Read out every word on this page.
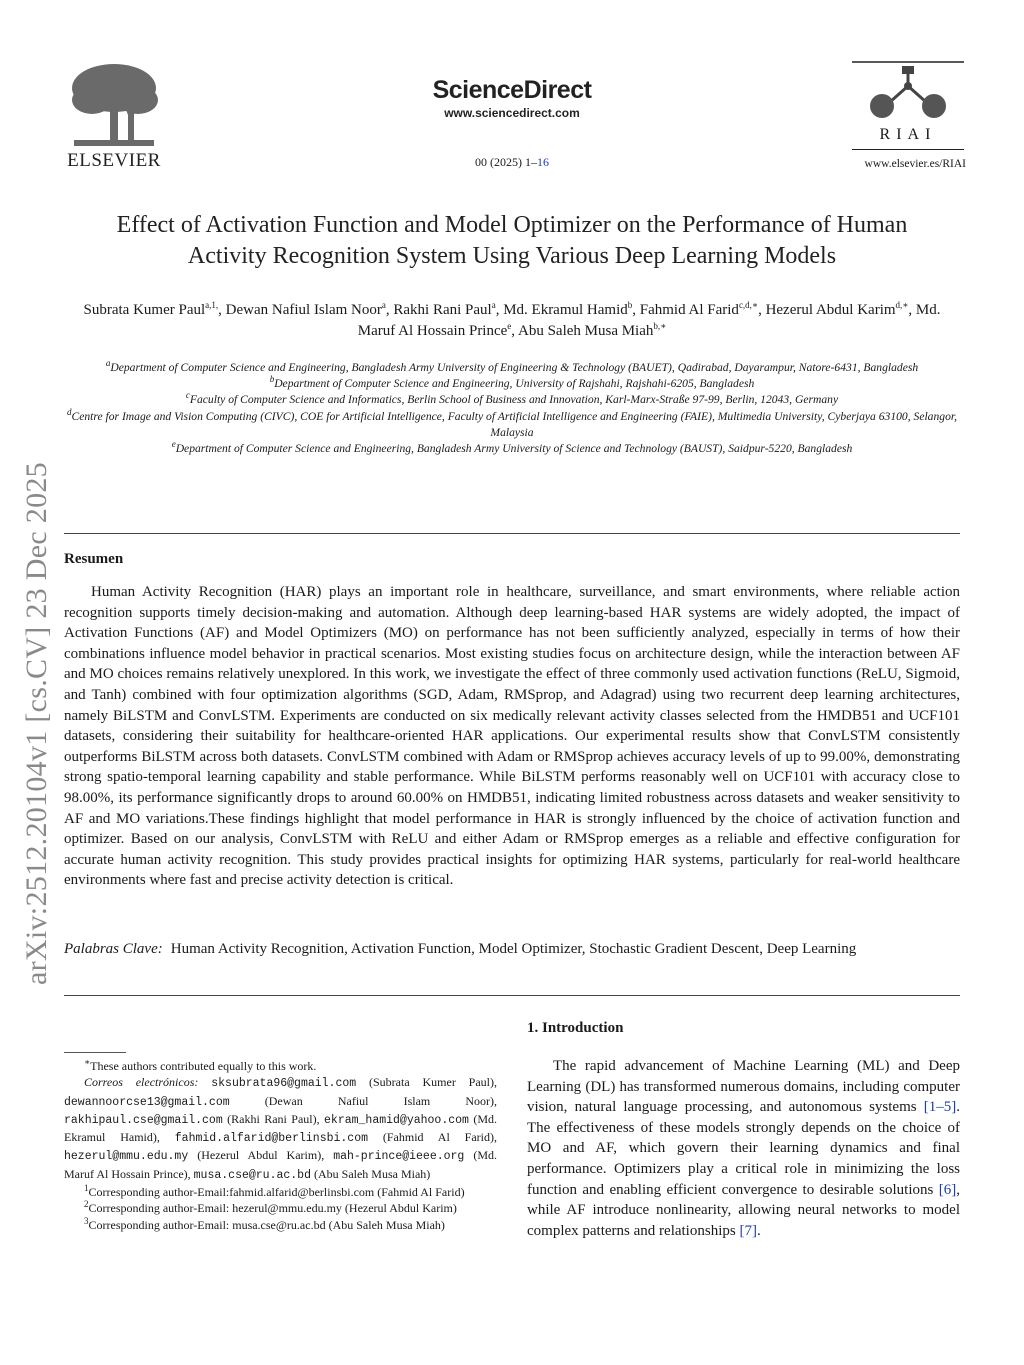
ELSEVIER
ScienceDirect
www.sciencedirect.com
00 (2025) 1–16
RIAI
www.elsevier.es/RIAI
arXiv:2512.20104v1 [cs.CV] 23 Dec 2025
Effect of Activation Function and Model Optimizer on the Performance of Human Activity Recognition System Using Various Deep Learning Models
Subrata Kumer Paul$^{a,1,}$, Dewan Nafiul Islam Noor$^a$, Rakhi Rani Paul$^a$, Md. Ekramul Hamid$^b$, Fahmid Al Farid$^{c,d,∗}$, Hezerul Abdul Karim$^{d,∗}$, Md. Maruf Al Hossain Prince$^e$, Abu Saleh Musa Miah$^{b,∗}$
$^a$Department of Computer Science and Engineering, Bangladesh Army University of Engineering & Technology (BAUET), Qadirabad, Dayarampur, Natore-6431, Bangladesh
$^b$Department of Computer Science and Engineering, University of Rajshahi, Rajshahi-6205, Bangladesh
$^c$Faculty of Computer Science and Informatics, Berlin School of Business and Innovation, Karl-Marx-Straße 97-99, Berlin, 12043, Germany
$^d$Centre for Image and Vision Computing (CIVC), COE for Artificial Intelligence, Faculty of Artificial Intelligence and Engineering (FAIE), Multimedia University, Cyberjaya 63100, Selangor, Malaysia
$^e$Department of Computer Science and Engineering, Bangladesh Army University of Science and Technology (BAUST), Saidpur-5220, Bangladesh
Resumen
Human Activity Recognition (HAR) plays an important role in healthcare, surveillance, and smart environments, where reliable action recognition supports timely decision-making and automation. Although deep learning-based HAR systems are widely adopted, the impact of Activation Functions (AF) and Model Optimizers (MO) on performance has not been sufficiently analyzed, especially in terms of how their combinations influence model behavior in practical scenarios. Most existing studies focus on architecture design, while the interaction between AF and MO choices remains relatively unexplored. In this work, we investigate the effect of three commonly used activation functions (ReLU, Sigmoid, and Tanh) combined with four optimization algorithms (SGD, Adam, RMSprop, and Adagrad) using two recurrent deep learning architectures, namely BiLSTM and ConvLSTM. Experiments are conducted on six medically relevant activity classes selected from the HMDB51 and UCF101 datasets, considering their suitability for healthcare-oriented HAR applications. Our experimental results show that ConvLSTM consistently outperforms BiLSTM across both datasets. ConvLSTM combined with Adam or RMSprop achieves accuracy levels of up to 99.00%, demonstrating strong spatio-temporal learning capability and stable performance. While BiLSTM performs reasonably well on UCF101 with accuracy close to 98.00%, its performance significantly drops to around 60.00% on HMDB51, indicating limited robustness across datasets and weaker sensitivity to AF and MO variations.These findings highlight that model performance in HAR is strongly influenced by the choice of activation function and optimizer. Based on our analysis, ConvLSTM with ReLU and either Adam or RMSprop emerges as a reliable and effective configuration for accurate human activity recognition. This study provides practical insights for optimizing HAR systems, particularly for real-world healthcare environments where fast and precise activity detection is critical.
Palabras Clave: Human Activity Recognition, Activation Function, Model Optimizer, Stochastic Gradient Descent, Deep Learning

∗These authors contributed equally to this work.

Correos electrónicos: sksubrata96@gmail.com (Subrata Kumer Paul), dewannoorcse13@gmail.com	(Dewan Nafiul Islam Noor), rakhipaul.cse@gmail.com (Rakhi Rani Paul), ekram_hamid@yahoo.com (Md. Ekramul Hamid), fahmid.alfarid@berlinsbi.com (Fahmid Al Farid), hezerul@mmu.edu.my (Hezerul Abdul Karim), mah-prince@ieee.org (Md. Maruf Al Hossain Prince), musa.cse@ru.ac.bd (Abu Saleh Musa Miah)

$^1$Corresponding author-Email:fahmid.alfarid@berlinsbi.com (Fahmid Al Farid)

$^2$Corresponding author-Email: hezerul@mmu.edu.my (Hezerul Abdul Karim)

$^3$Corresponding author-Email: musa.cse@ru.ac.bd (Abu Saleh Musa Miah)

1. Introduction
The rapid advancement of Machine Learning (ML) and Deep Learning (DL) has transformed numerous domains, including computer vision, natural language processing, and autonomous systems [1–5]. The effectiveness of these models strongly depends on the choice of MO and AF, which govern their learning dynamics and final performance. Optimizers play a critical role in minimizing the loss function and enabling efficient convergence to desirable solutions [6], while AF introduce nonlinearity, allowing neural networks to model complex patterns and relationships [7].
